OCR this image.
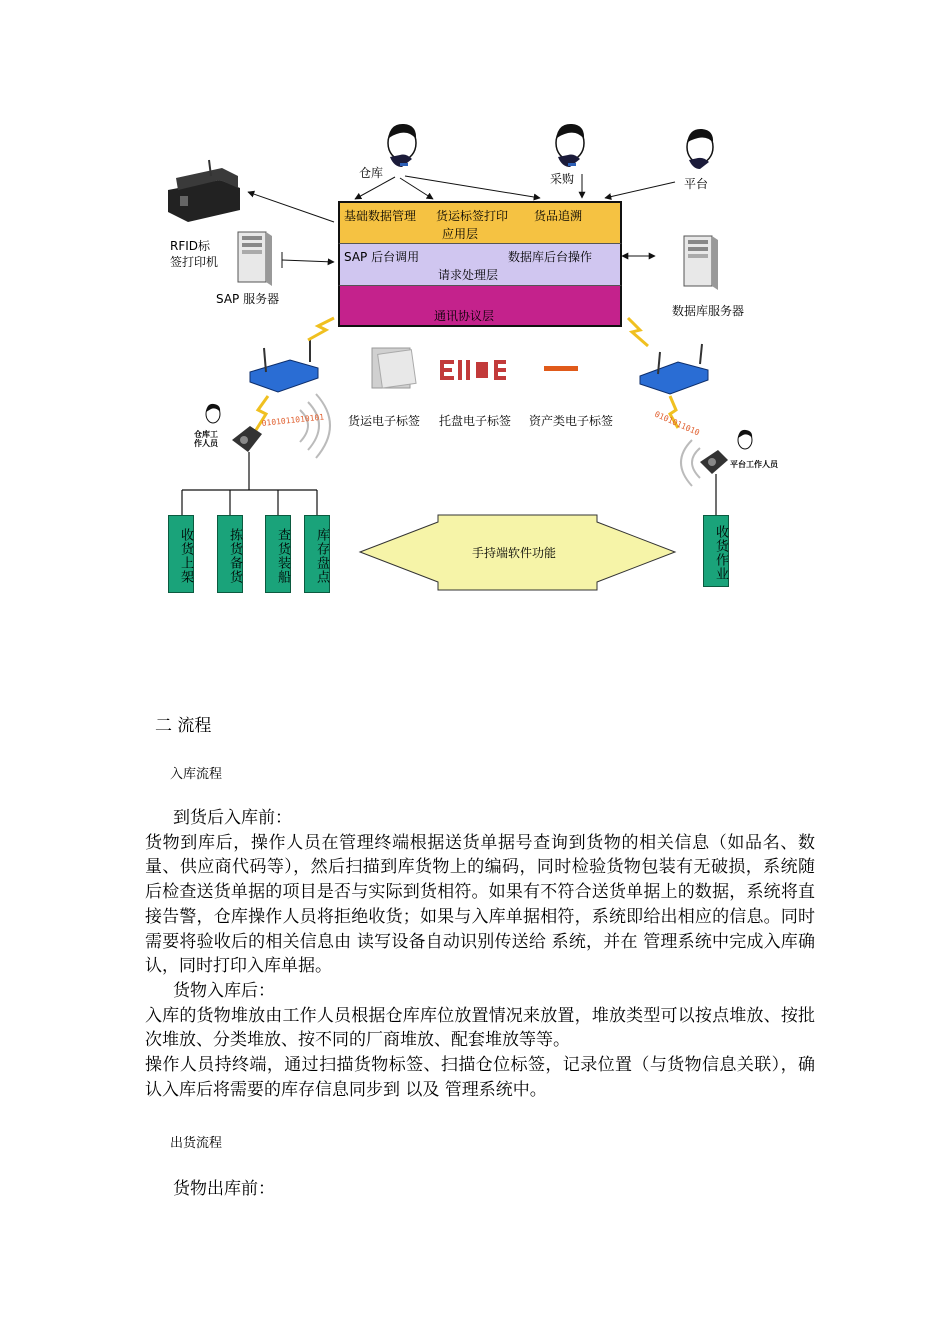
0101011010101	0101011010
仓库	采购	平台
RFID标
签打印机
SAP 服务器
数据库服务器
基础数据管理 货运标签打印 货品追溯
应用层
SAP 后台调用	数据库后台操作
请求处理层
通讯协议层
货运电子标签 托盘电子标签 资产类电子标签
仓库工
作人员
平台工作人员
收货上架	拣货备货	查货装船	库存盘点	收货作业
手持端软件功能
二 流程
入库流程

到货后入库前：

货物到库后，操作人员在管理终端根据送货单据号查询到货物的相关信息（如品名、数量、供应商代码等），然后扫描到库货物上的编码，同时检验货物包装有无破损，系统随后检查送货单据的项目是否与实际到货相符。如果有不符合送货单据上的数据，系统将直接告警，仓库操作人员将拒绝收货；如果与入库单据相符，系统即给出相应的信息。同时需要将验收后的相关信息由 读写设备自动识别传送给 系统，并在 管理系统中完成入库确认，同时打印入库单据。

货物入库后：

入库的货物堆放由工作人员根据仓库库位放置情况来放置，堆放类型可以按点堆放、按批次堆放、分类堆放、按不同的厂商堆放、配套堆放等等。

操作人员持终端，通过扫描货物标签、扫描仓位标签，记录位置（与货物信息关联），确认入库后将需要的库存信息同步到 以及 管理系统中。

出货流程
货物出库前：
